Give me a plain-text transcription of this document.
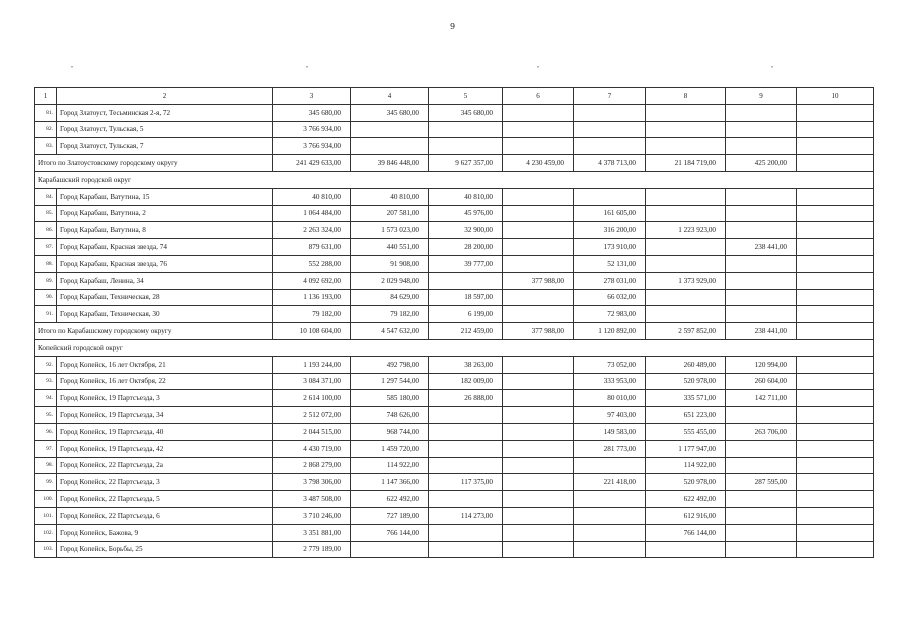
9
˝	˝	˝	˝
1	2	3	4	5	6	7	8	9	10
81.	Город Златоуст, Тесьминская 2-я, 72	345 680,00	345 680,00	345 680,00					
82.	Город Златоуст, Тульская, 5	3 766 934,00							
83.	Город Златоуст, Тульская, 7	3 766 934,00							
Итого по Златоустовскому городскому округу		241 429 633,00	39 846 448,00	9 627 357,00	4 230 459,00	4 378 713,00	21 184 719,00	425 200,00	
Карабашский городской округ									
84.	Город Карабаш, Ватутина, 15	40 810,00	40 810,00	40 810,00					
85.	Город Карабаш, Ватутина, 2	1 064 484,00	207 581,00	45 976,00		161 605,00			
86.	Город Карабаш, Ватутина, 8	2 263 324,00	1 573 023,00	32 900,00		316 200,00	1 223 923,00		
87.	Город Карабаш, Красная звезда, 74	879 631,00	440 551,00	28 200,00		173 910,00		238 441,00	
88.	Город Карабаш, Красная звезда, 76	552 288,00	91 908,00	39 777,00		52 131,00			
89.	Город Карабаш, Ленина, 34	4 092 692,00	2 029 948,00		377 988,00	278 031,00	1 373 929,00		
90.	Город Карабаш, Техническая, 28	1 136 193,00	84 629,00	18 597,00		66 032,00			
91.	Город Карабаш, Техническая, 30	79 182,00	79 182,00	6 199,00		72 983,00			
Итого по Карабашскому городскому округу		10 108 604,00	4 547 632,00	212 459,00	377 988,00	1 120 892,00	2 597 852,00	238 441,00	
Копейский городской округ									
92.	Город Копейск, 16 лет Октября, 21	1 193 244,00	492 798,00	38 263,00		73 052,00	260 489,00	120 994,00	
93.	Город Копейск, 16 лет Октября, 22	3 084 371,00	1 297 544,00	182 009,00		333 953,00	520 978,00	260 604,00	
94.	Город Копейск, 19 Партсъезда, 3	2 614 100,00	585 180,00	26 888,00		80 010,00	335 571,00	142 711,00	
95.	Город Копейск, 19 Партсъезда, 34	2 512 072,00	748 626,00			97 403,00	651 223,00		
96.	Город Копейск, 19 Партсъезда, 40	2 044 515,00	968 744,00			149 583,00	555 455,00	263 706,00	
97.	Город Копейск, 19 Партсъезда, 42	4 430 719,00	1 459 720,00			281 773,00	1 177 947,00		
98.	Город Копейск, 22 Партсъезда, 2а	2 868 279,00	114 922,00				114 922,00		
99.	Город Копейск, 22 Партсъезда, 3	3 798 306,00	1 147 366,00	117 375,00		221 418,00	520 978,00	287 595,00	
100.	Город Копейск, 22 Партсъезда, 5	3 487 508,00	622 492,00				622 492,00		
101.	Город Копейск, 22 Партсъезда, 6	3 710 246,00	727 189,00	114 273,00			612 916,00		
102.	Город Копейск, Бажова, 9	3 351 881,00	766 144,00				766 144,00		
103.	Город Копейск, Борьбы, 25	2 779 189,00							
